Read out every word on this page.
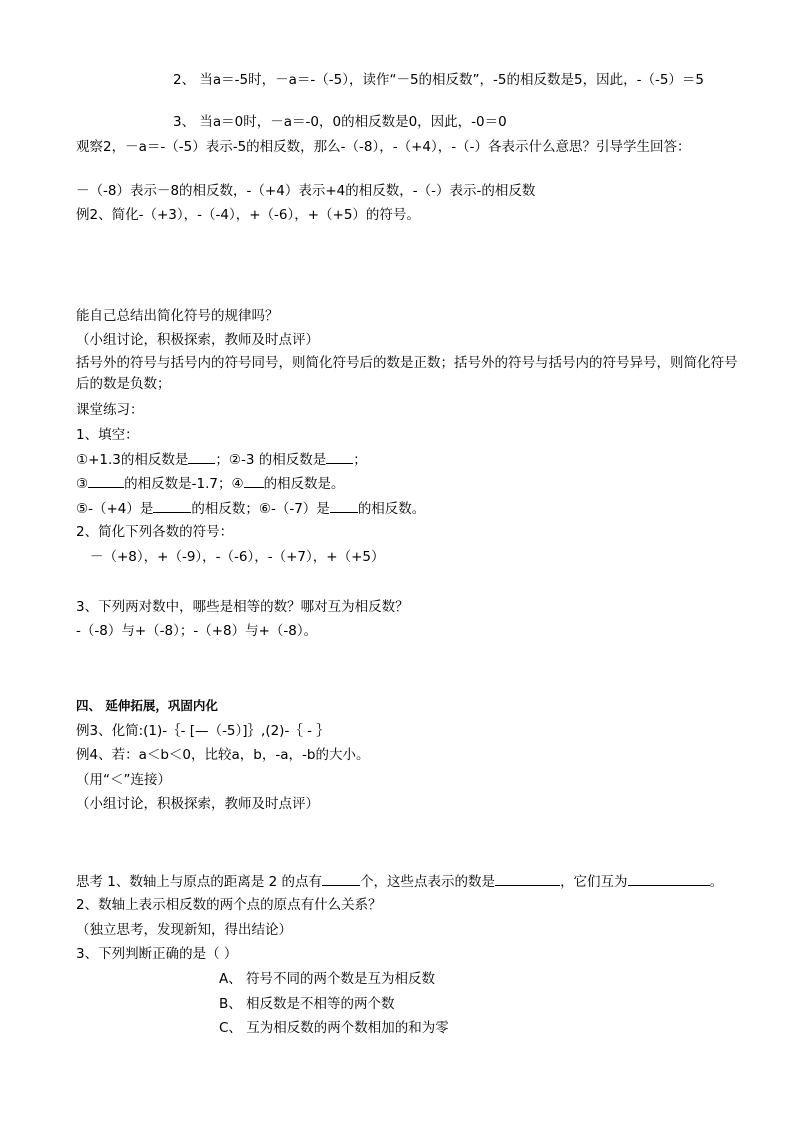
2、 当a＝-5时，－a＝-（-5），读作“－5的相反数”，-5的相反数是5，因此，-（-5）＝5
3、 当a＝0时，－a＝-0，0的相反数是0，因此，-0＝0
观察2，－a＝-（-5）表示-5的相反数，那么-（-8），-（+4），-（-）各表示什么意思？引导学生回答：
－（-8）表示－8的相反数，-（+4）表示+4的相反数，-（-）表示-的相反数
例2、简化-（+3），-（-4），+（-6），+（+5）的符号。
能自己总结出简化符号的规律吗？
（小组讨论，积极探索，教师及时点评）
括号外的符号与括号内的符号同号，则简化符号后的数是正数；括号外的符号与括号内的符号异号，则简化符号后的数是负数；
课堂练习：
1、填空：
①+1.3的相反数是 ；②-3 的相反数是 ；
③	的相反数是-1.7；④ 的相反数是。
⑤-（+4）是	的相反数；⑥-（-7）是 的相反数。
2、简化下列各数的符号：
－（+8），+（-9），-（-6），-（+7），+（+5）
3、下列两对数中，哪些是相等的数？哪对互为相反数？
-（-8）与+（-8）；-（+8）与+（-8）。
四、 延伸拓展，巩固内化
例3、化简:(1)-｛- [—（-5）]｝,(2)-｛ - ｝
例4、若：a＜b＜0，比较a，b，-a，-b的大小。
（用“＜”连接）
（小组讨论，积极探索，教师及时点评）
思考 1、数轴上与原点的距离是 2 的点有	个，这些点表示的数是	，它们互为	。
2、数轴上表示相反数的两个点的原点有什么关系？
（独立思考，发现新知，得出结论）
3、下列判断正确的是（ ）
A、 符号不同的两个数是互为相反数
B、 相反数是不相等的两个数
C、 互为相反数的两个数相加的和为零
